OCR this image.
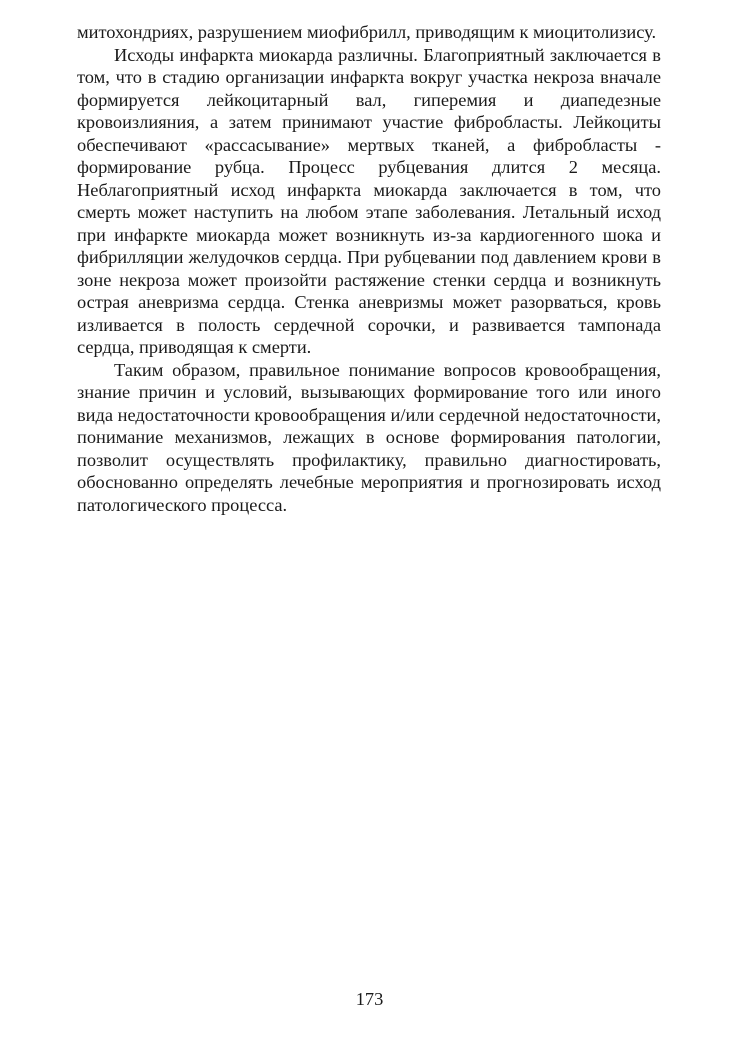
митохондриях, разрушением миофибрилл, приводящим к миоцитолизису.

Исходы инфаркта миокарда различны. Благоприятный заключается в том, что в стадию организации инфаркта вокруг участка некроза вначале формируется лейкоцитарный вал, гиперемия и диапедезные кровоизлияния, а затем принимают участие фибробласты. Лейкоциты обеспечивают «рассасывание» мертвых тканей, а фибробласты - формирование рубца. Процесс рубцевания длится 2 месяца. Неблагоприятный исход инфаркта миокарда заключается в том, что смерть может наступить на любом этапе заболевания. Летальный исход при инфаркте миокарда может возникнуть из-за кардиогенного шока и фибрилляции желудочков сердца. При рубцевании под давлением крови в зоне некроза может произойти растяжение стенки сердца и возникнуть острая аневризма сердца. Стенка аневризмы может разорваться, кровь изливается в полость сердечной сорочки, и развивается тампонада сердца, приводящая к смерти.

Таким образом, правильное понимание вопросов кровообращения, знание причин и условий, вызывающих формирование того или иного вида недостаточности кровообращения и/или сердечной недостаточности, понимание механизмов, лежащих в основе формирования патологии, позволит осуществлять профилактику, правильно диагностировать, обоснованно определять лечебные мероприятия и прогнозировать исход патологического процесса.

173
